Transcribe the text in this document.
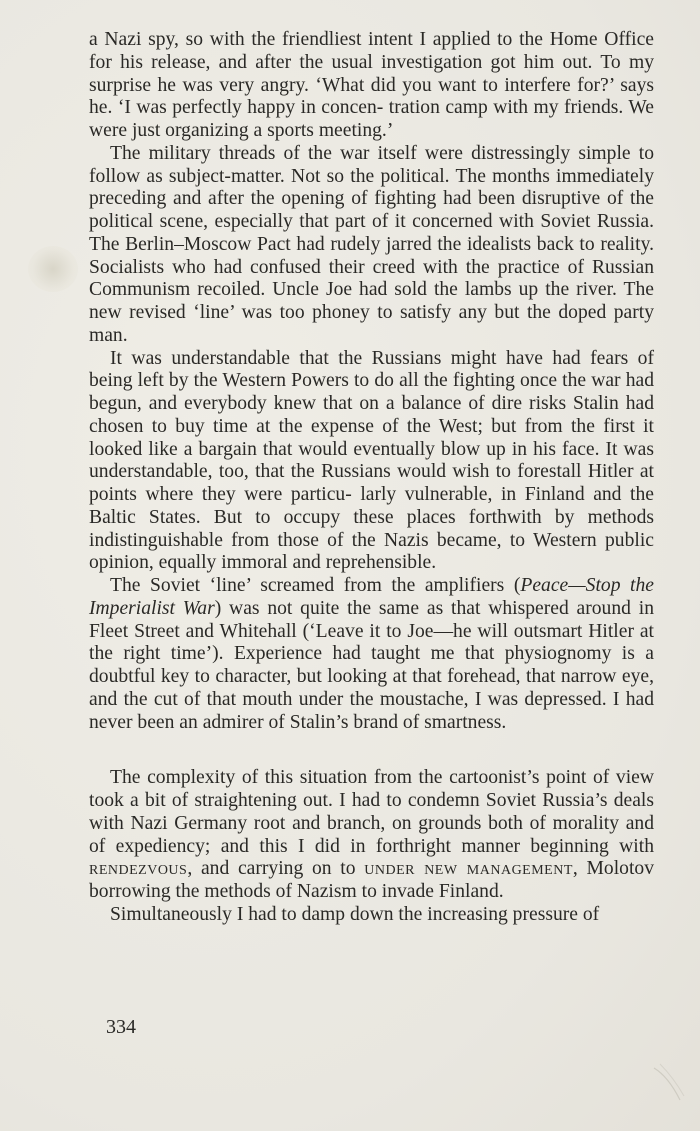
a Nazi spy, so with the friendliest intent I applied to the Home Office for his release, and after the usual investigation got him out. To my surprise he was very angry. ‘What did you want to interfere for?’ says he. ‘I was perfectly happy in concen- tration camp with my friends. We were just organizing a sports meeting.’

The military threads of the war itself were distressingly simple to follow as subject-matter. Not so the political. The months immediately preceding and after the opening of fighting had been disruptive of the political scene, especially that part of it concerned with Soviet Russia. The Berlin–Moscow Pact had rudely jarred the idealists back to reality. Socialists who had confused their creed with the practice of Russian Communism recoiled. Uncle Joe had sold the lambs up the river. The new revised ‘line’ was too phoney to satisfy any but the doped party man.

It was understandable that the Russians might have had fears of being left by the Western Powers to do all the fighting once the war had begun, and everybody knew that on a balance of dire risks Stalin had chosen to buy time at the expense of the West; but from the first it looked like a bargain that would eventually blow up in his face. It was understandable, too, that the Russians would wish to forestall Hitler at points where they were particu- larly vulnerable, in Finland and the Baltic States. But to occupy these places forthwith by methods indistinguishable from those of the Nazis became, to Western public opinion, equally immoral and reprehensible.

The Soviet ‘line’ screamed from the amplifiers (Peace—Stop the Imperialist War) was not quite the same as that whispered around in Fleet Street and Whitehall (‘Leave it to Joe—he will outsmart Hitler at the right time’). Experience had taught me that physiognomy is a doubtful key to character, but looking at that forehead, that narrow eye, and the cut of that mouth under the moustache, I was depressed. I had never been an admirer of Stalin’s brand of smartness.

The complexity of this situation from the cartoonist’s point of view took a bit of straightening out. I had to condemn Soviet Russia’s deals with Nazi Germany root and branch, on grounds both of morality and of expediency; and this I did in forthright manner beginning with rendezvous, and carrying on to under new management, Molotov borrowing the methods of Nazism to invade Finland.

Simultaneously I had to damp down the increasing pressure of

334
